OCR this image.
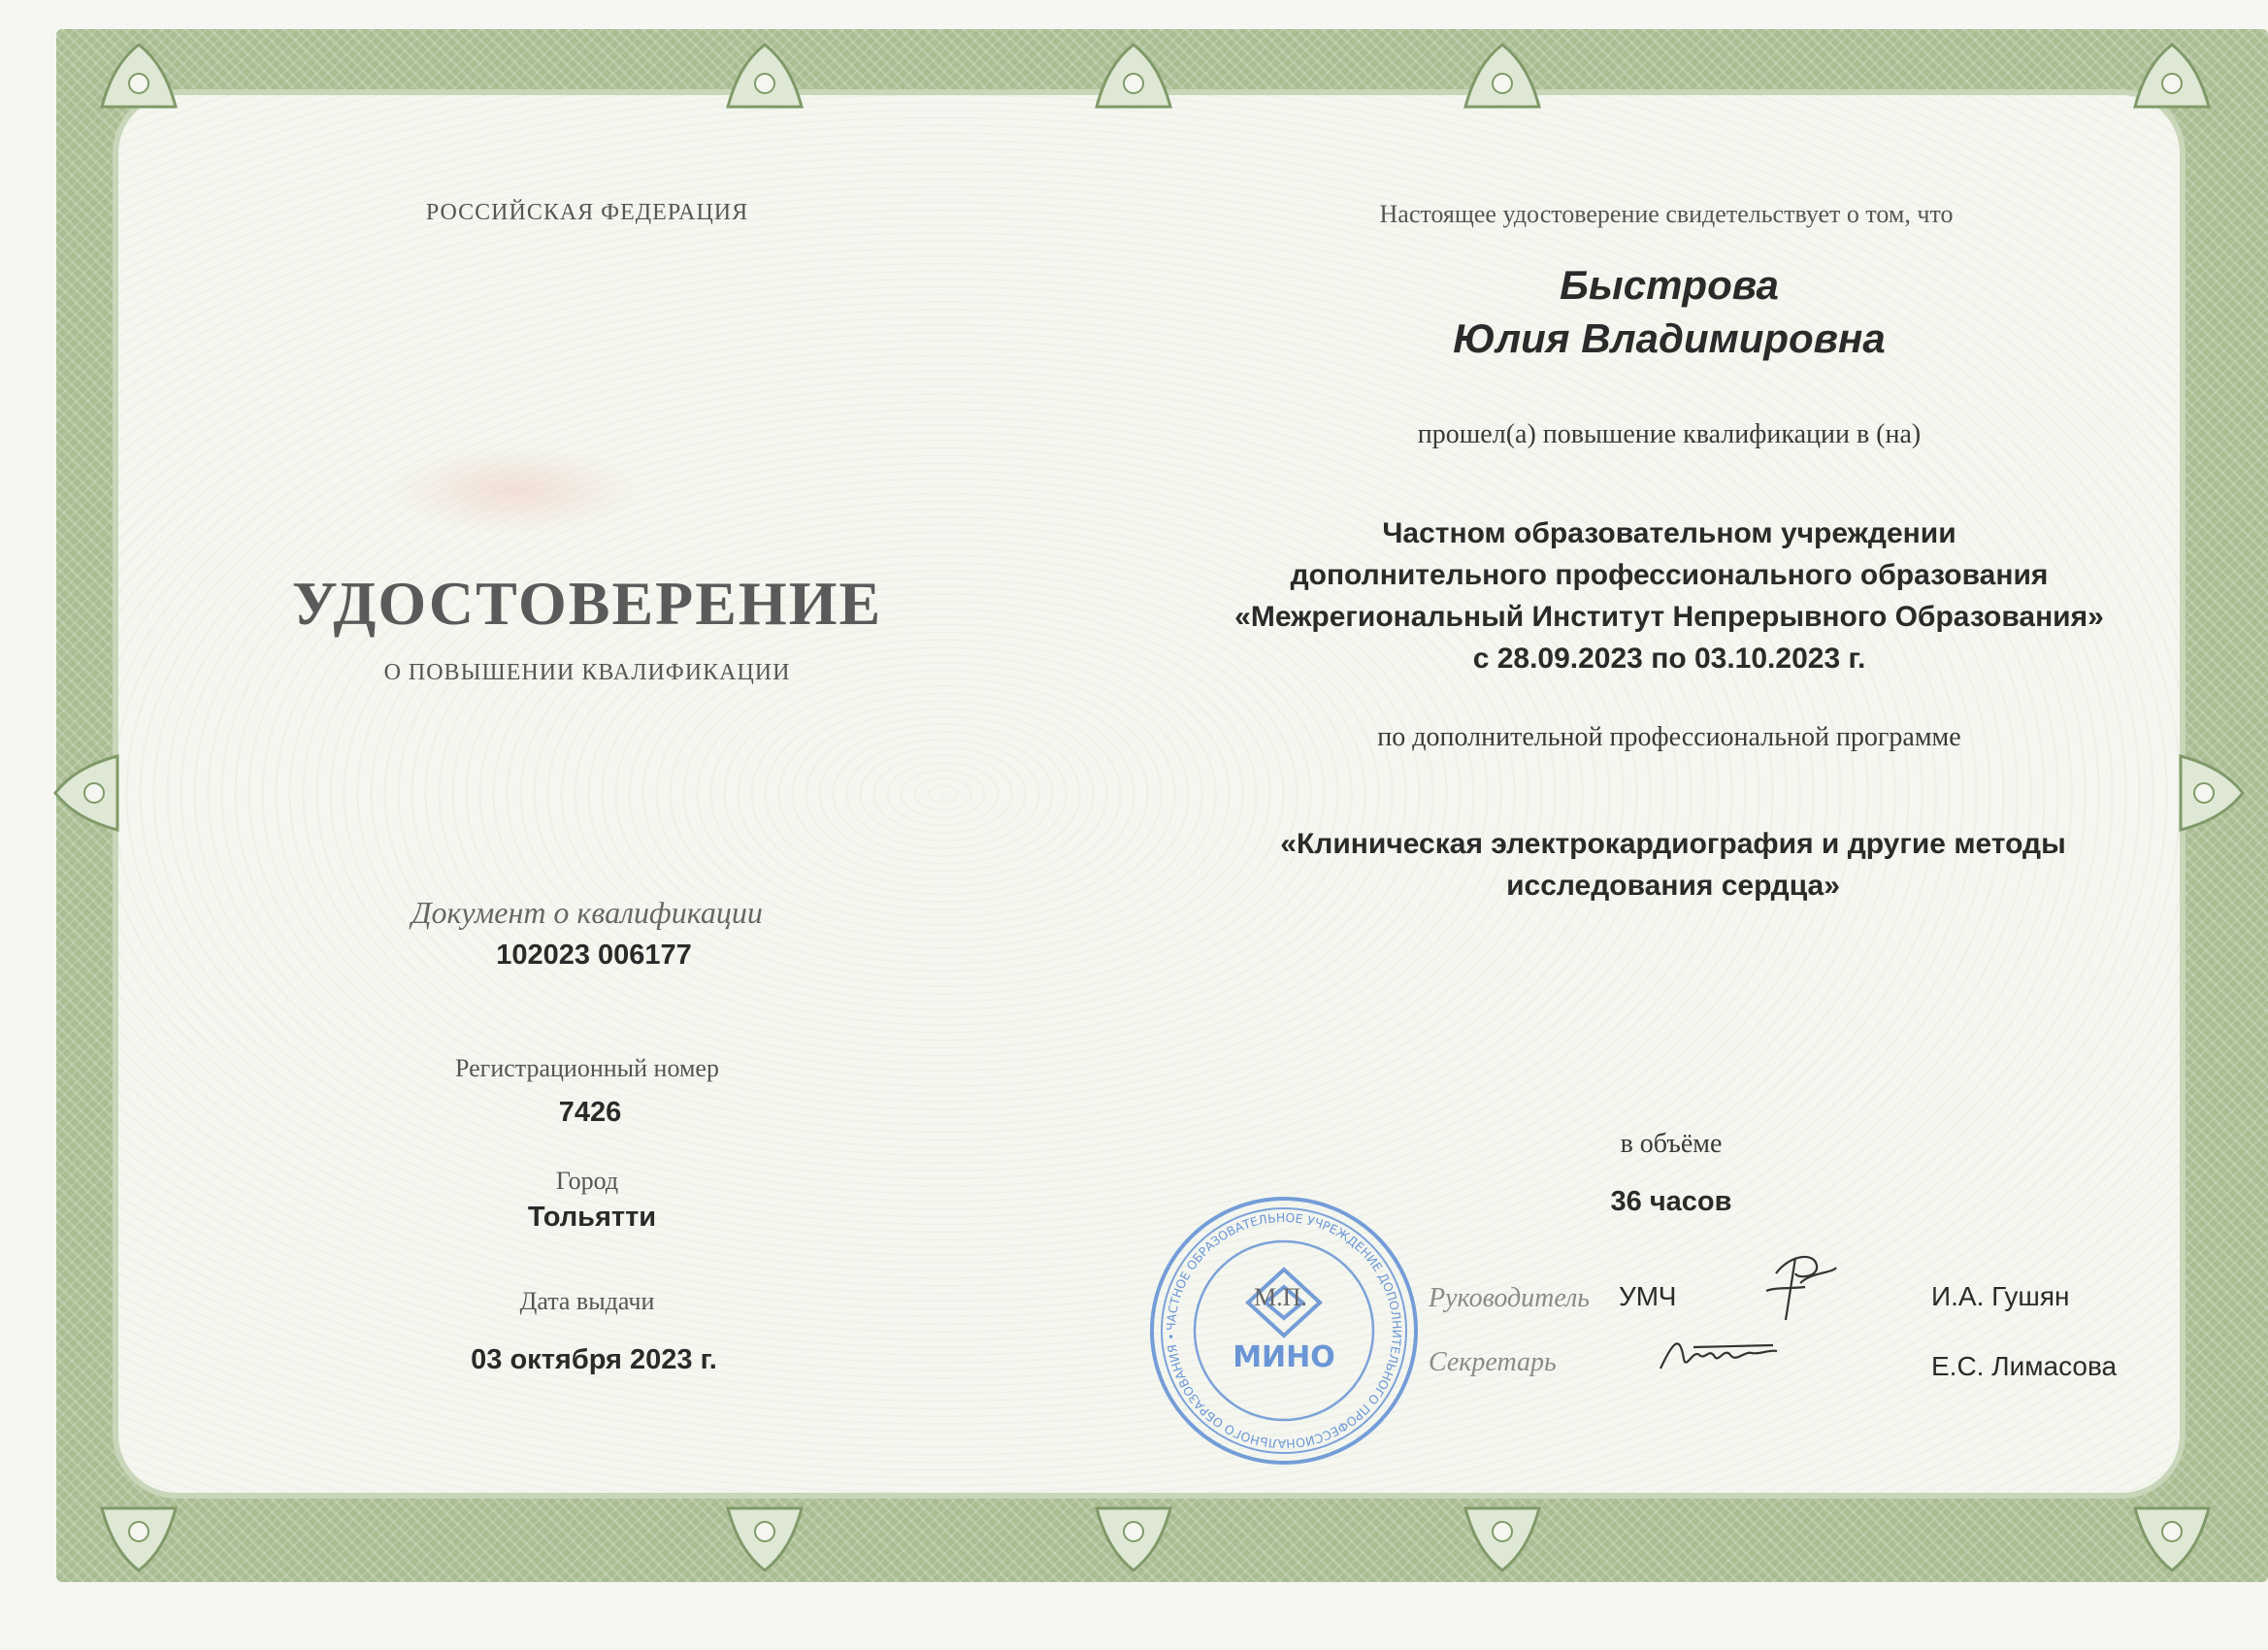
РОССИЙСКАЯ ФЕДЕРАЦИЯ
УДОСТОВЕРЕНИЕ
О ПОВЫШЕНИИ КВАЛИФИКАЦИИ
Документ о квалификации
102023 006177
Регистрационный номер
7426
Город
Тольятти
Дата выдачи
03 октября 2023 г.
Настоящее удостоверение свидетельствует о том, что
Быстрова
Юлия Владимировна
прошел(а) повышение квалификации в (на)
Частном образовательном учреждении
дополнительного профессионального образования
«Межрегиональный Институт Непрерывного Образования»
с 28.09.2023 по 03.10.2023 г.
по дополнительной профессиональной программе
«Клиническая электрокардиография и другие методы
исследования сердца»
в объёме
36 часов
ЧАСТНОЕ ОБРАЗОВАТЕЛЬНОЕ УЧРЕЖДЕНИЕ ДОПОЛНИТЕЛЬНОГО ПРОФЕССИОНАЛЬНОГО ОБРАЗОВАНИЯ •
МИНО
М.П.	Руководитель УМЧ	И.А. Гушян
Секретарь	Е.С. Лимасова
